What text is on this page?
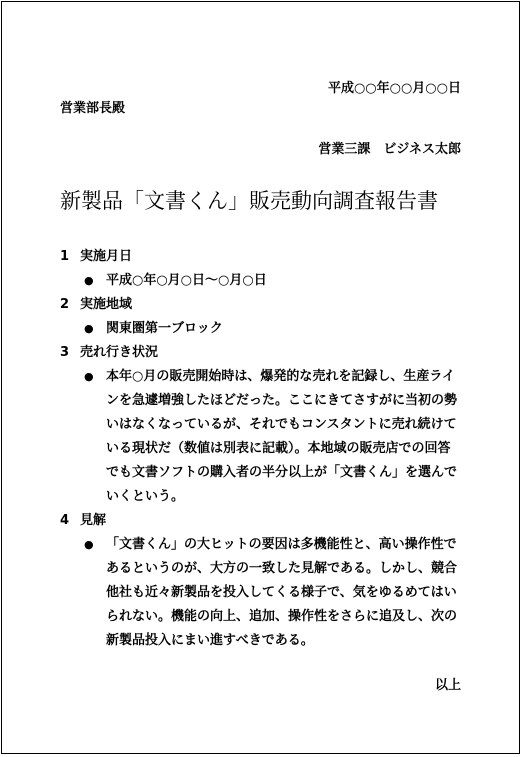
平成○○年○○月○○日
営業部長殿
営業三課　ビジネス太郎
新製品「文書くん」販売動向調査報告書
1 実施月日
● 平成○年○月○日～○月○日
2 実施地域
● 関東圏第一ブロック
3 売れ行き状況
● 本年○月の販売開始時は、爆発的な売れを記録し、生産ライ
ンを急遽増強したほどだった。ここにきてさすがに当初の勢
いはなくなっているが、それでもコンスタントに売れ続けて
いる現状だ（数値は別表に記載）。本地域の販売店での回答
でも文書ソフトの購入者の半分以上が「文書くん」を選んで
いくという。
4 見解
● 「文書くん」の大ヒットの要因は多機能性と、高い操作性で
あるというのが、大方の一致した見解である。しかし、競合
他社も近々新製品を投入してくる様子で、気をゆるめてはい
られない。機能の向上、追加、操作性をさらに追及し、次の
新製品投入にまい進すべきである。
以上
